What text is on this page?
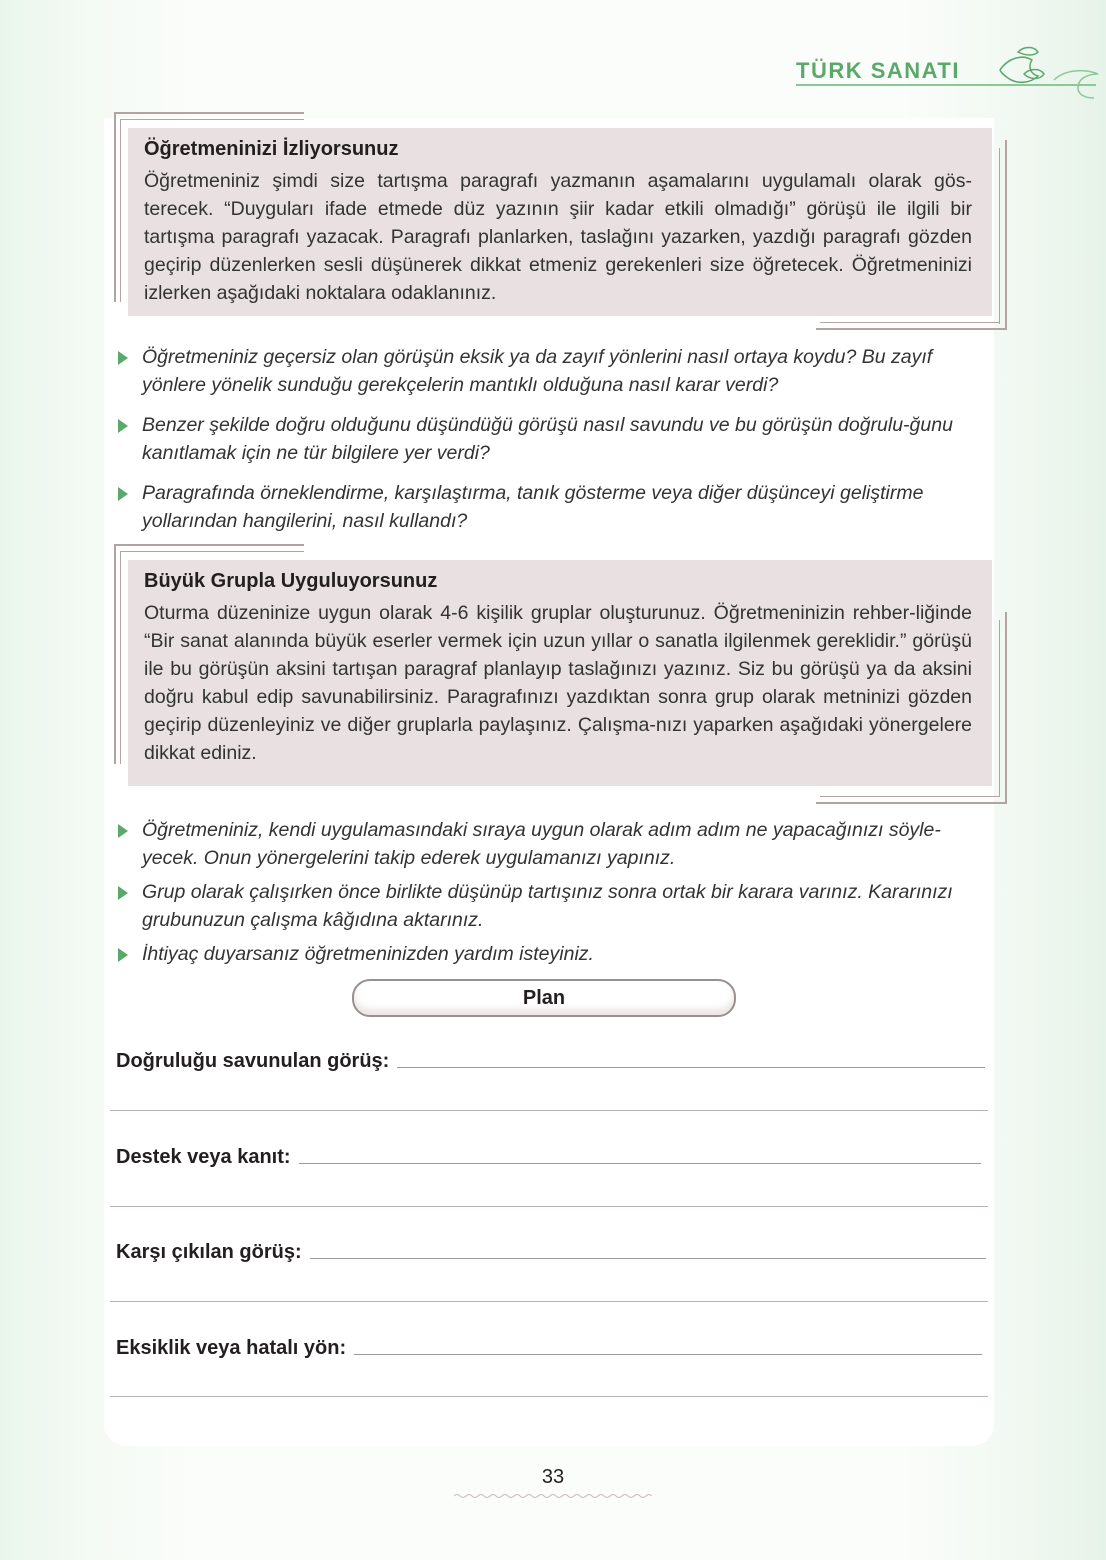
TÜRK SANATI

Öğretmeninizi İzliyorsunuz

Öğretmeniniz şimdi size tartışma paragrafı yazmanın aşamalarını uygulamalı olarak gös-terecek. “Duyguları ifade etmede düz yazının şiir kadar etkili olmadığı” görüşü ile ilgili bir tartışma paragrafı yazacak. Paragrafı planlarken, taslağını yazarken, yazdığı paragrafı gözden geçirip düzenlerken sesli düşünerek dikkat etmeniz gerekenleri size öğretecek. Öğretmeninizi izlerken aşağıdaki noktalara odaklanınız.

Öğretmeniniz geçersiz olan görüşün eksik ya da zayıf yönlerini nasıl ortaya koydu? Bu zayıf yönlere yönelik sunduğu gerekçelerin mantıklı olduğuna nasıl karar verdi?
Benzer şekilde doğru olduğunu düşündüğü görüşü nasıl savundu ve bu görüşün doğrulu-ğunu kanıtlamak için ne tür bilgilere yer verdi?
Paragrafında örneklendirme, karşılaştırma, tanık gösterme veya diğer düşünceyi geliştirme yollarından hangilerini, nasıl kullandı?

Büyük Grupla Uyguluyorsunuz

Oturma düzeninize uygun olarak 4-6 kişilik gruplar oluşturunuz. Öğretmeninizin rehber-liğinde “Bir sanat alanında büyük eserler vermek için uzun yıllar o sanatla ilgilenmek gereklidir.” görüşü ile bu görüşün aksini tartışan paragraf planlayıp taslağınızı yazınız. Siz bu görüşü ya da aksini doğru kabul edip savunabilirsiniz. Paragrafınızı yazdıktan sonra grup olarak metninizi gözden geçirip düzenleyiniz ve diğer gruplarla paylaşınız. Çalışma-nızı yaparken aşağıdaki yönergelere dikkat ediniz.

Öğretmeniniz, kendi uygulamasındaki sıraya uygun olarak adım adım ne yapacağınızı söyle-yecek. Onun yönergelerini takip ederek uygulamanızı yapınız.
Grup olarak çalışırken önce birlikte düşünüp tartışınız sonra ortak bir karara varınız. Kararınızı grubunuzun çalışma kâğıdına aktarınız.
İhtiyaç duyarsanız öğretmeninizden yardım isteyiniz.
Plan
Doğruluğu savunulan görüş:
Destek veya kanıt:
Karşı çıkılan görüş:
Eksiklik veya hatalı yön:
33
